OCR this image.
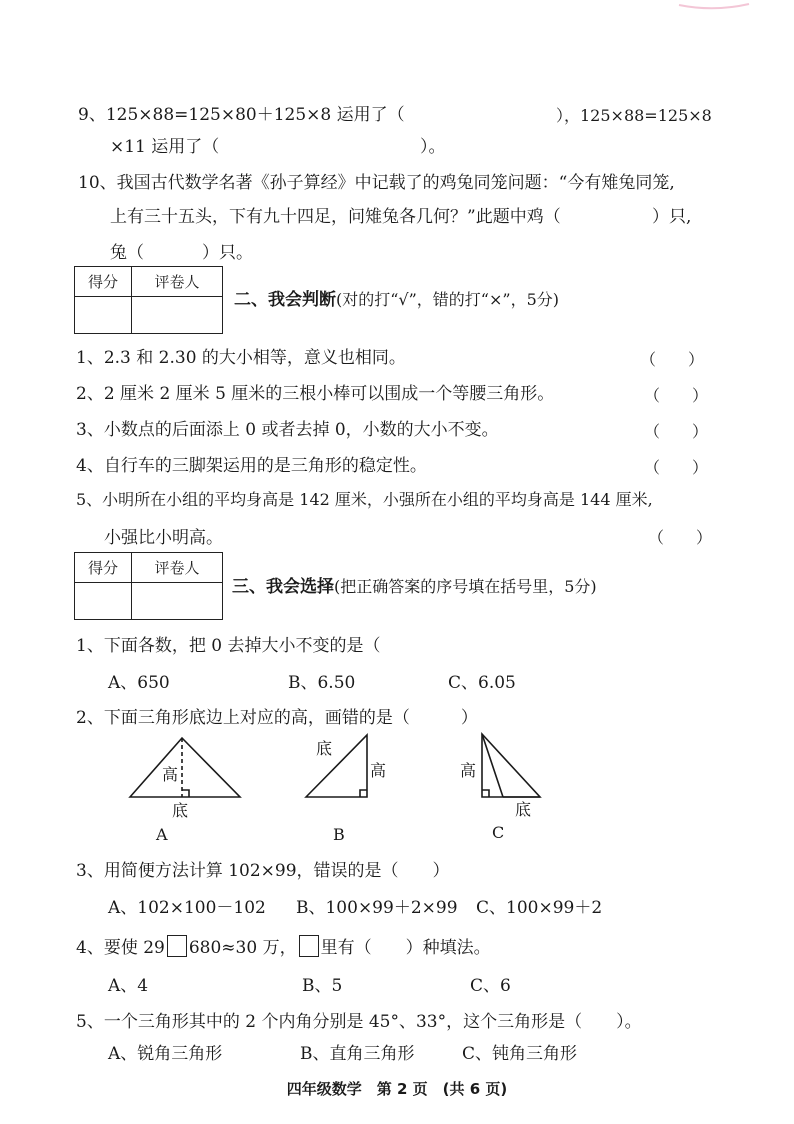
9、125×88=125×80＋125×8 运用了（	），125×88=125×8
×11 运用了（	）。
10、我国古代数学名著《孙子算经》中记载了的鸡兔同笼问题：“今有雉兔同笼,
上有三十五头，下有九十四足，问雉兔各几何？”此题中鸡（	）只,
兔（	）只。
得分	评卷人

二、我会判断(对的打“√”，错的打“×”，5分)
1、2.3 和 2.30 的大小相等，意义也相同。	（　　）
2、2 厘米 2 厘米 5 厘米的三根小棒可以围成一个等腰三角形。	（　　）
3、小数点的后面添上 0 或者去掉 0，小数的大小不变。	（　　）
4、自行车的三脚架运用的是三角形的稳定性。	（　　）
5、小明所在小组的平均身高是 142 厘米，小强所在小组的平均身高是 144 厘米,
小强比小明高。	（　　）
得分	评卷人

三、我会选择(把正确答案的序号填在括号里，5分)
1、下面各数，把 0 去掉大小不变的是（
A、650	B、6.50	C、6.05
2、下面三角形底边上对应的高，画错的是（　　　）
高
底
A
底
高
B
高
底
C
3、用简便方法计算 102×99，错误的是（　　）
A、102×100－102 B、100×99＋2×99 C、100×99＋2
4、要使 29 680≈30 万， 里有（　　）种填法。
A、4	B、5	C、6
5、一个三角形其中的 2 个内角分别是 45°、33°，这个三角形是（　　）。
A、锐角三角形	B、直角三角形	C、钝角三角形
四年级数学　第 2 页　(共 6 页)
